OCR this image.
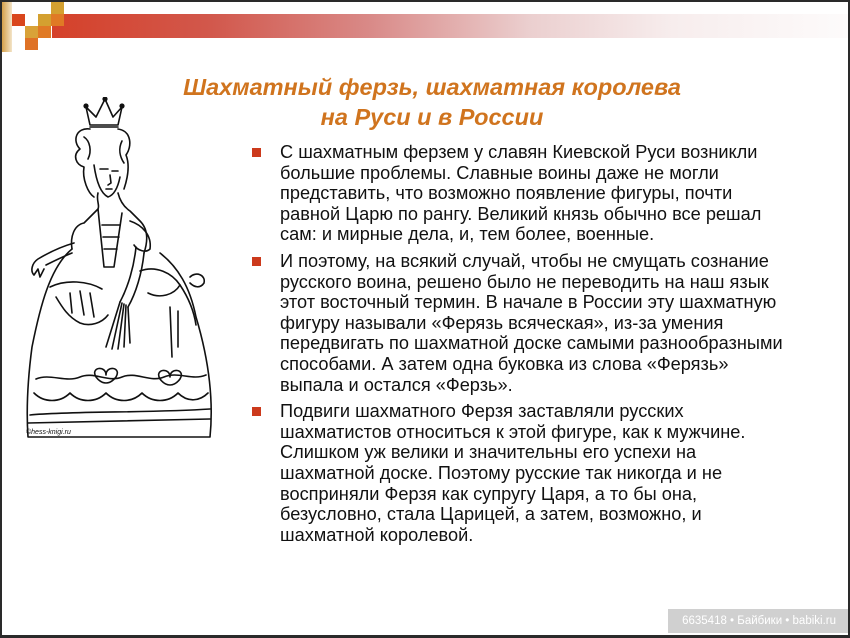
Шахматный ферзь, шахматная королева
на Руси и в России
©hess-knigi.ru
С шахматным ферзем у славян Киевской Руси возникли большие проблемы. Славные воины даже не могли представить, что возможно появление фигуры, почти равной Царю по рангу. Великий князь обычно все решал сам: и мирные дела, и, тем более, военные.
И поэтому, на всякий случай, чтобы не смущать сознание русского воина, решено было не переводить на наш язык этот восточный термин. В начале в России эту шахматную фигуру называли «Ферязь всяческая», из-за умения передвигать по шахматной доске самыми разнообразными способами. А затем одна буковка из слова «Ферязь» выпала и остался «Ферзь».
Подвиги шахматного Ферзя заставляли русских шахматистов относиться к этой фигуре, как к мужчине. Слишком уж велики и значительны его успехи на шахматной доске. Поэтому русские так никогда и не восприняли Ферзя как супругу Царя, а то бы она, безусловно, стала Царицей, а затем, возможно, и шахматной королевой.
6635418 • Байбики • babiki.ru
